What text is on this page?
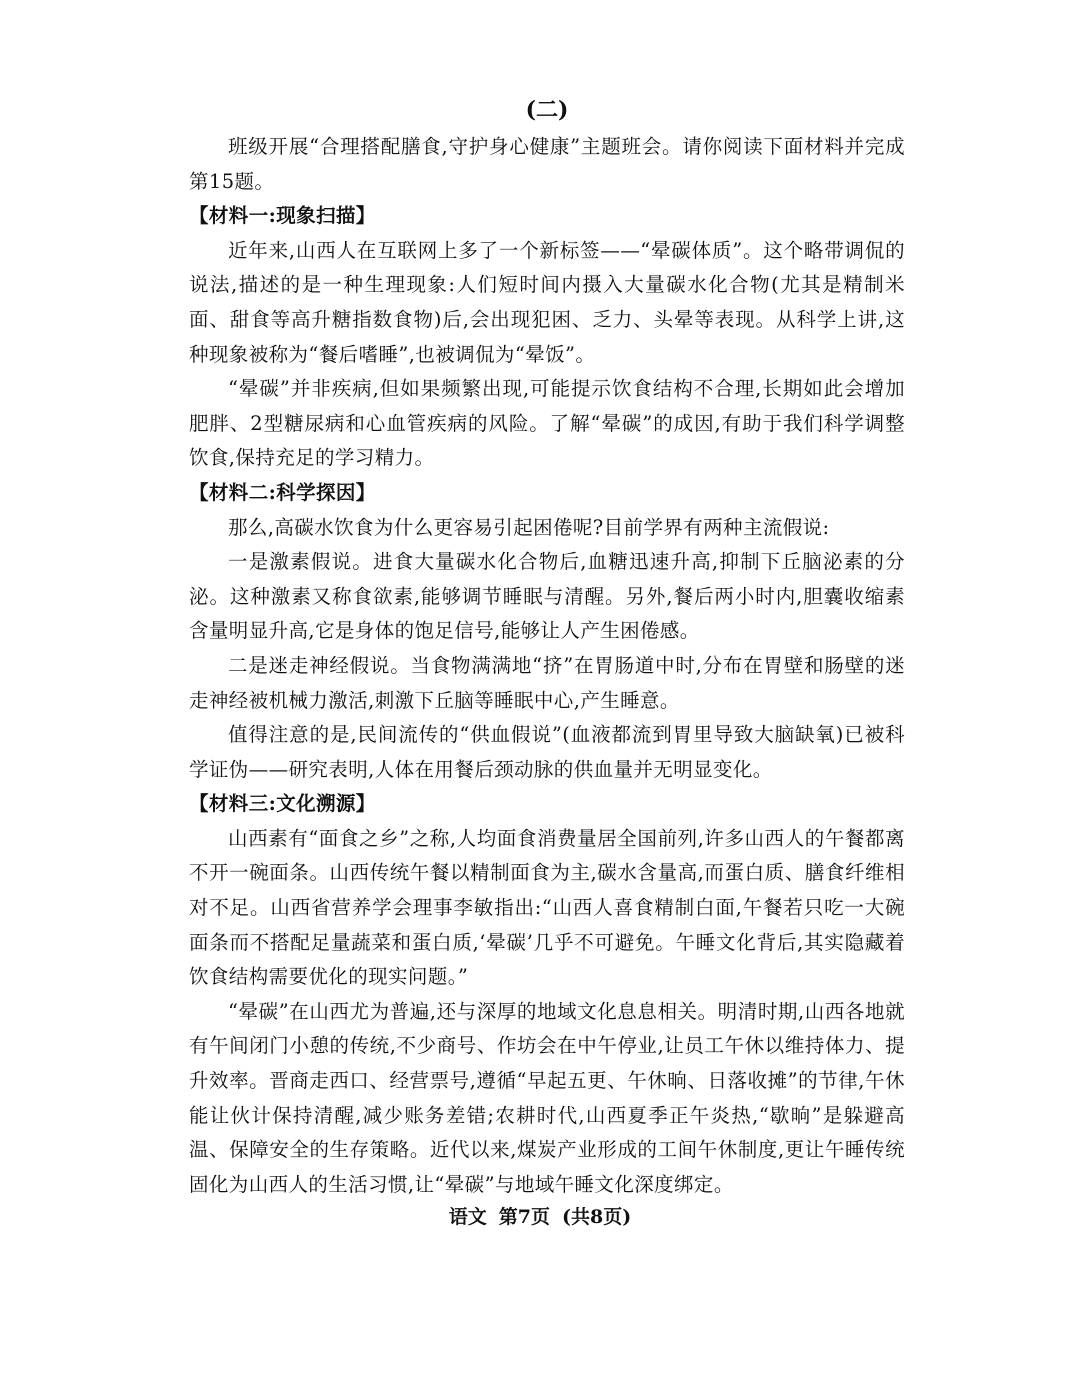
(二)

班级开展“合理搭配膳食,守护身心健康”主题班会。请你阅读下面材料并完成第15题。

【材料一:现象扫描】

近年来,山西人在互联网上多了一个新标签——“晕碳体质”。这个略带调侃的说法,描述的是一种生理现象:人们短时间内摄入大量碳水化合物(尤其是精制米面、甜食等高升糖指数食物)后,会出现犯困、乏力、头晕等表现。从科学上讲,这种现象被称为“餐后嗜睡”,也被调侃为“晕饭”。

“晕碳”并非疾病,但如果频繁出现,可能提示饮食结构不合理,长期如此会增加肥胖、2型糖尿病和心血管疾病的风险。了解“晕碳”的成因,有助于我们科学调整饮食,保持充足的学习精力。

【材料二:科学探因】

那么,高碳水饮食为什么更容易引起困倦呢?目前学界有两种主流假说:

一是激素假说。进食大量碳水化合物后,血糖迅速升高,抑制下丘脑泌素的分泌。这种激素又称食欲素,能够调节睡眠与清醒。另外,餐后两小时内,胆囊收缩素含量明显升高,它是身体的饱足信号,能够让人产生困倦感。

二是迷走神经假说。当食物满满地“挤”在胃肠道中时,分布在胃壁和肠壁的迷走神经被机械力激活,刺激下丘脑等睡眠中心,产生睡意。

值得注意的是,民间流传的“供血假说”(血液都流到胃里导致大脑缺氧)已被科学证伪——研究表明,人体在用餐后颈动脉的供血量并无明显变化。

【材料三:文化溯源】

山西素有“面食之乡”之称,人均面食消费量居全国前列,许多山西人的午餐都离不开一碗面条。山西传统午餐以精制面食为主,碳水含量高,而蛋白质、膳食纤维相对不足。山西省营养学会理事李敏指出:“山西人喜食精制白面,午餐若只吃一大碗面条而不搭配足量蔬菜和蛋白质,‘晕碳’几乎不可避免。午睡文化背后,其实隐藏着饮食结构需要优化的现实问题。”

“晕碳”在山西尤为普遍,还与深厚的地域文化息息相关。明清时期,山西各地就有午间闭门小憩的传统,不少商号、作坊会在中午停业,让员工午休以维持体力、提升效率。晋商走西口、经营票号,遵循“早起五更、午休晌、日落收摊”的节律,午休能让伙计保持清醒,减少账务差错;农耕时代,山西夏季正午炎热,“歇晌”是躲避高温、保障安全的生存策略。近代以来,煤炭产业形成的工间午休制度,更让午睡传统固化为山西人的生活习惯,让“晕碳”与地域午睡文化深度绑定。

语文 第7页 (共8页)
